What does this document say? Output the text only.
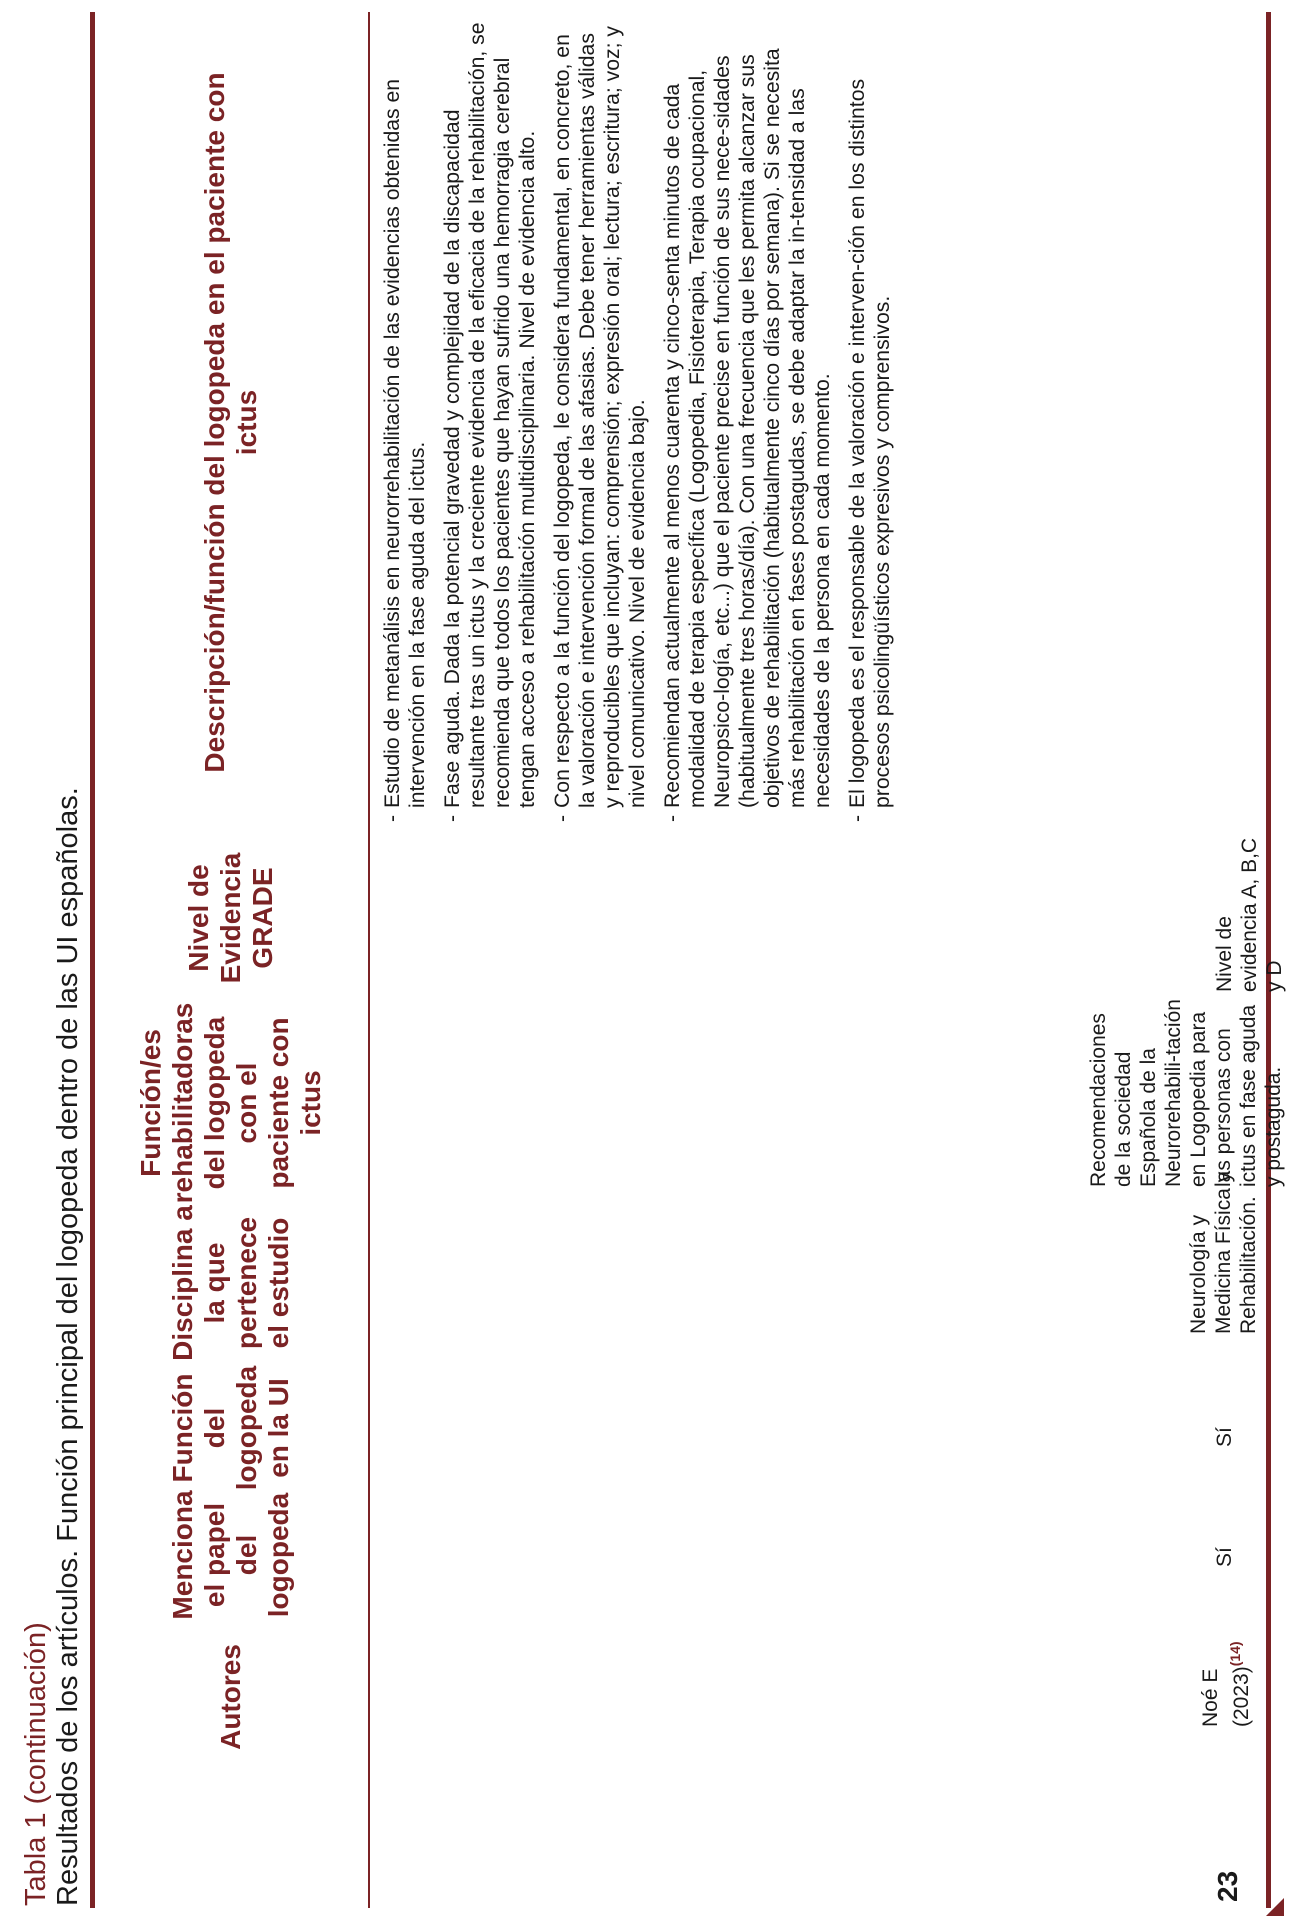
Tabla 1 (continuación) Resultados de los artículos. Función principal del logopeda dentro de las UI españolas.	Autores
Menciona el papel del logopeda
Función del logopeda en la UI
Disciplina a la que pertenece el estudio
Función/es rehabilitadoras del logopeda con el paciente con ictus
Nivel de Evidencia GRADE
Descripción/función del logopeda en el paciente con ictus
23
Noé E $(2023)^{(14)}$
Sí
Sí
Neurología y Medicina Física y Rehabilitación.
Recomendaciones de la sociedad Española de la Neurorehabili-tación en Logopedia para las personas con ictus en fase aguda y postaguda.
Nivel de evidencia A, B,C y D
- Estudio de metanálisis en neurorrehabilitación de las evidencias obtenidas en intervención en la fase aguda del ictus. - Fase aguda. Dada la potencial gravedad y complejidad de la discapacidad resultante tras un ictus y la creciente evidencia de la eficacia de la rehabilitación, se recomienda que todos los pacientes que hayan sufrido una hemorragia cerebral tengan acceso a rehabilitación multidisciplinaria. Nivel de evidencia alto. - Con respecto a la función del logopeda, le considera fundamental, en concreto, en la valoración e intervención formal de las afasias. Debe tener herramientas válidas y reproducibles que incluyan: comprensión; expresión oral; lectura; escritura; voz; y nivel comunicativo. Nivel de evidencia bajo. - Recomiendan actualmente al menos cuarenta y cinco-senta minutos de cada modalidad de terapia específica (Logopedia, Fisioterapia, Terapia ocupacional, Neuropsico-logía, etc...) que el paciente precise en función de sus nece-sidades (habitualmente tres horas/día). Con una frecuencia que les permita alcanzar sus objetivos de rehabilitación (habitualmente cinco días por semana). Si se necesita más rehabilitación en fases postagudas, se debe adaptar la in-tensidad a las necesidades de la persona en cada momento. - El logopeda es el responsable de la valoración e interven-ción en los distintos procesos psicolingüísticos expresivos y comprensivos.
